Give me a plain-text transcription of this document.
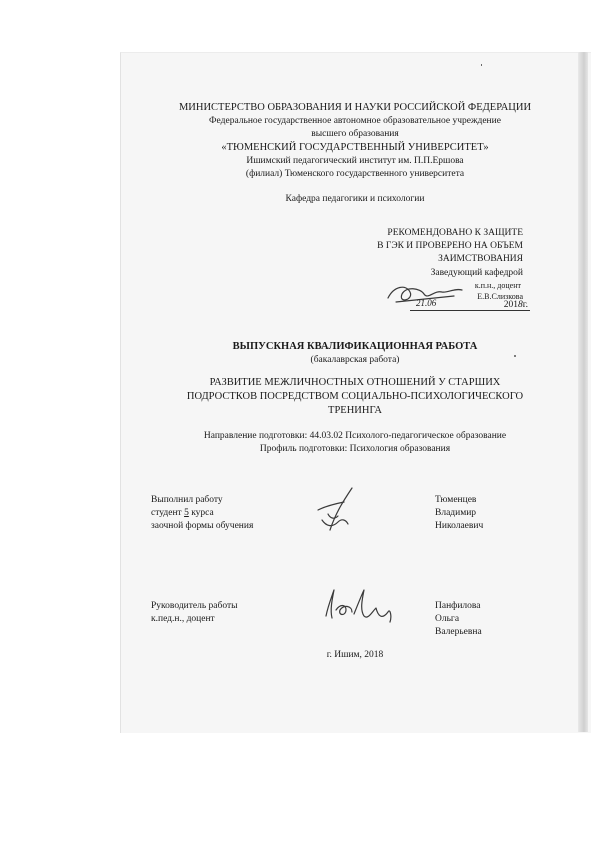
МИНИСТЕРСТВО ОБРАЗОВАНИЯ И НАУКИ РОССИЙСКОЙ ФЕДЕРАЦИИ
Федеральное государственное автономное образовательное учреждение
высшего образования
«ТЮМЕНСКИЙ ГОСУДАРСТВЕННЫЙ УНИВЕРСИТЕТ»
Ишимский педагогический институт им. П.П.Ершова
(филиал) Тюменского государственного университета
Кафедра педагогики и психологии
РЕКОМЕНДОВАНО К ЗАЩИТЕ
В ГЭК И ПРОВЕРЕНО НА ОБЪЕМ
ЗАИМСТВОВАНИЯ
Заведующий кафедрой
к.п.н., доцент
Е.В.Слизкова
21.06	2018г.
ВЫПУСКНАЯ КВАЛИФИКАЦИОННАЯ РАБОТА
(бакалаврская работа)
РАЗВИТИЕ МЕЖЛИЧНОСТНЫХ ОТНОШЕНИЙ У СТАРШИХ
ПОДРОСТКОВ ПОСРЕДСТВОМ СОЦИАЛЬНО-ПСИХОЛОГИЧЕСКОГО
ТРЕНИНГА
Направление подготовки: 44.03.02 Психолого-педагогическое образование
Профиль подготовки: Психология образования
Выполнил работу
студент 5 курса
заочной формы обучения
Тюменцев
Владимир
Николаевич
Руководитель работы
к.пед.н., доцент
Панфилова
Ольга
Валерьевна
г. Ишим, 2018
